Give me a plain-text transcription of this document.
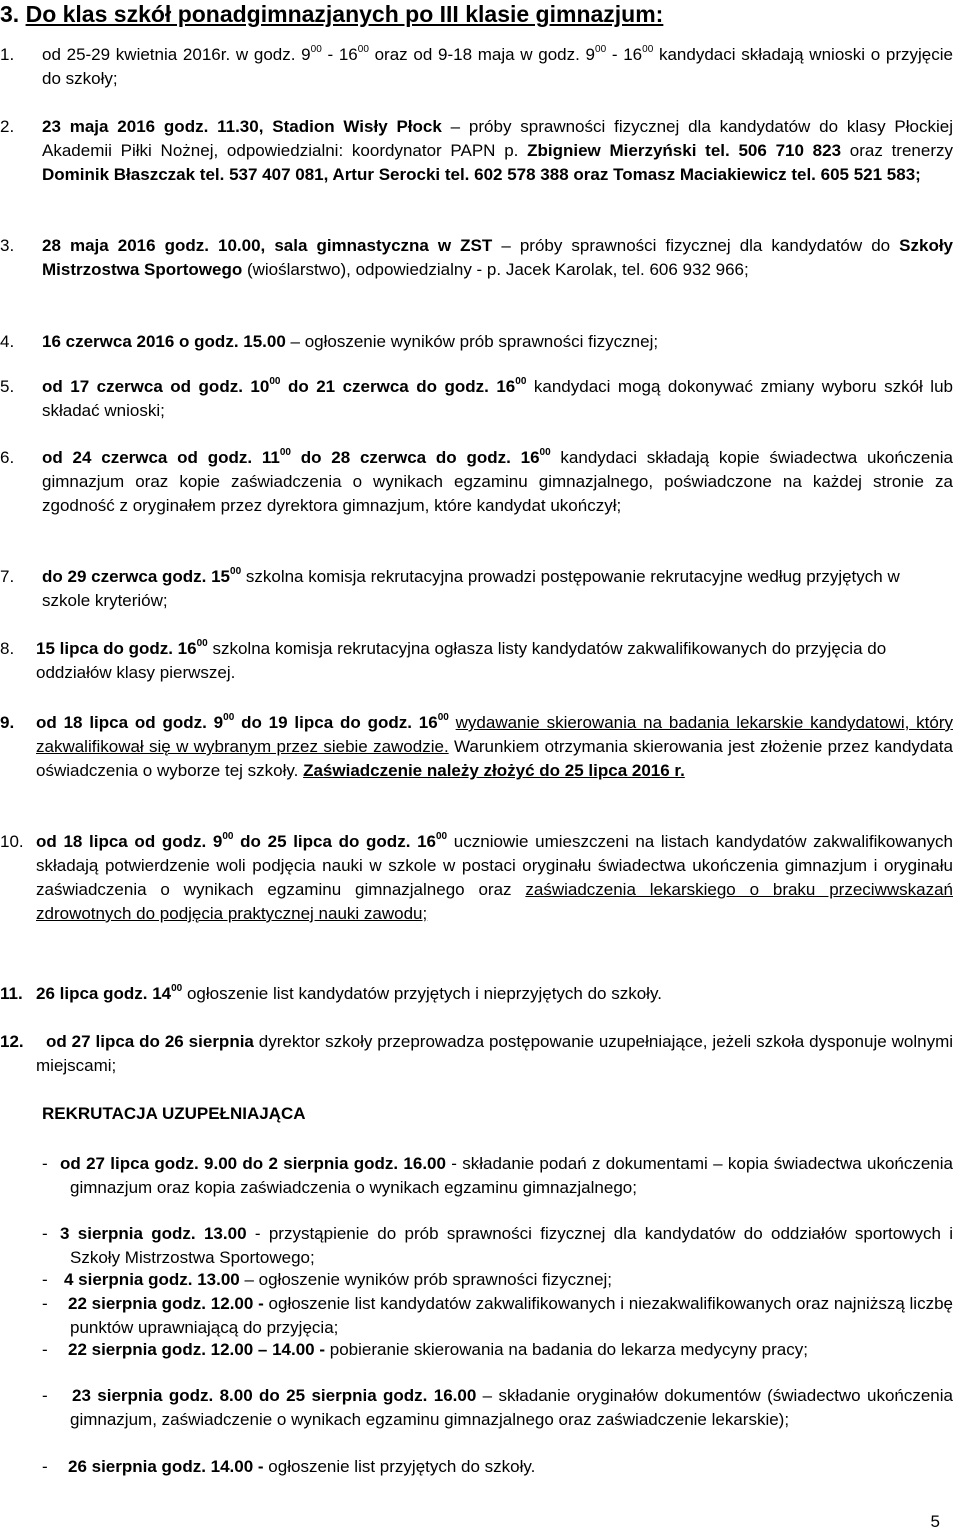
3. Do klas szkół ponadgimnazjanych po III klasie gimnazjum:
1. od 25-29 kwietnia 2016r. w godz. $9^{00} - 16^{00}$ oraz od 9-18 maja w godz. $9^{00} - 16^{00}$ kandydaci składają wnioski o przyjęcie do szkoły;
2. 23 maja 2016 godz. 11.30, Stadion Wisły Płock – próby sprawności fizycznej dla kandydatów do klasy Płockiej Akademii Piłki Nożnej, odpowiedzialni: koordynator PAPN p. Zbigniew Mierzyński tel. 506 710 823 oraz trenerzy Dominik Błaszczak tel. 537 407 081, Artur Serocki tel. 602 578 388 oraz Tomasz Maciakiewicz tel. 605 521 583;
3. 28 maja 2016 godz. 10.00, sala gimnastyczna w ZST – próby sprawności fizycznej dla kandydatów do Szkoły Mistrzostwa Sportowego (wioślarstwo), odpowiedzialny - p. Jacek Karolak, tel. 606 932 966;
4. 16 czerwca 2016 o godz. 15.00 – ogłoszenie wyników prób sprawności fizycznej;
5. od 17 czerwca od godz. $10^{00}$ do 21 czerwca do godz. $16^{00}$ kandydaci mogą dokonywać zmiany wyboru szkół lub składać wnioski;
6. od 24 czerwca od godz. $11^{00}$ do 28 czerwca do godz. $16^{00}$ kandydaci składają kopie świadectwa ukończenia gimnazjum oraz kopie zaświadczenia o wynikach egzaminu gimnazjalnego, poświadczone na każdej stronie za zgodność z oryginałem przez dyrektora gimnazjum, które kandydat ukończył;
7. do 29 czerwca godz. $15^{00}$ szkolna komisja rekrutacyjna prowadzi postępowanie rekrutacyjne według przyjętych w szkole kryteriów;
8. 15 lipca do godz. $16^{00}$ szkolna komisja rekrutacyjna ogłasza listy kandydatów zakwalifikowanych do przyjęcia do oddziałów klasy pierwszej.
9. od 18 lipca od godz. $9^{00}$ do 19 lipca do godz. $16^{00}$ wydawanie skierowania na badania lekarskie kandydatowi, który zakwalifikował się w wybranym przez siebie zawodzie. Warunkiem otrzymania skierowania jest złożenie przez kandydata oświadczenia o wyborze tej szkoły. Zaświadczenie należy złożyć do 25 lipca 2016 r.
10. od 18 lipca od godz. $9^{00}$ do 25 lipca do godz. $16^{00}$ uczniowie umieszczeni na listach kandydatów zakwalifikowanych składają potwierdzenie woli podjęcia nauki w szkole w postaci oryginału świadectwa ukończenia gimnazjum i oryginału zaświadczenia o wynikach egzaminu gimnazjalnego oraz zaświadczenia lekarskiego o braku przeciwwskazań zdrowotnych do podjęcia praktycznej nauki zawodu;
11. 26 lipca godz. $14^{00}$ ogłoszenie list kandydatów przyjętych i nieprzyjętych do szkoły.
12.	od 27 lipca do 26 sierpnia dyrektor szkoły przeprowadza postępowanie uzupełniające, jeżeli szkoła dysponuje wolnymi miejscami;
REKRUTACJA UZUPEŁNIAJĄCA
- od 27 lipca godz. 9.00 do 2 sierpnia godz. 16.00 - składanie podań z dokumentami – kopia świadectwa ukończenia gimnazjum oraz kopia zaświadczenia o wynikach egzaminu gimnazjalnego;
- 3 sierpnia godz. 13.00 - przystąpienie do prób sprawności fizycznej dla kandydatów do oddziałów sportowych i Szkoły Mistrzostwa Sportowego;
- 4 sierpnia godz. 13.00 – ogłoszenie wyników prób sprawności fizycznej;
-	22 sierpnia godz. 12.00 - ogłoszenie list kandydatów zakwalifikowanych i niezakwalifikowanych oraz najniższą liczbę punktów uprawniającą do przyjęcia;
-	22 sierpnia godz. 12.00 – 14.00 - pobieranie skierowania na badania do lekarza medycyny pracy;
-	23 sierpnia godz. 8.00 do 25 sierpnia godz. 16.00 – składanie oryginałów dokumentów (świadectwo ukończenia gimnazjum, zaświadczenie o wynikach egzaminu gimnazjalnego oraz zaświadczenie lekarskie);
-	26 sierpnia godz. 14.00 - ogłoszenie list przyjętych do szkoły.
5
